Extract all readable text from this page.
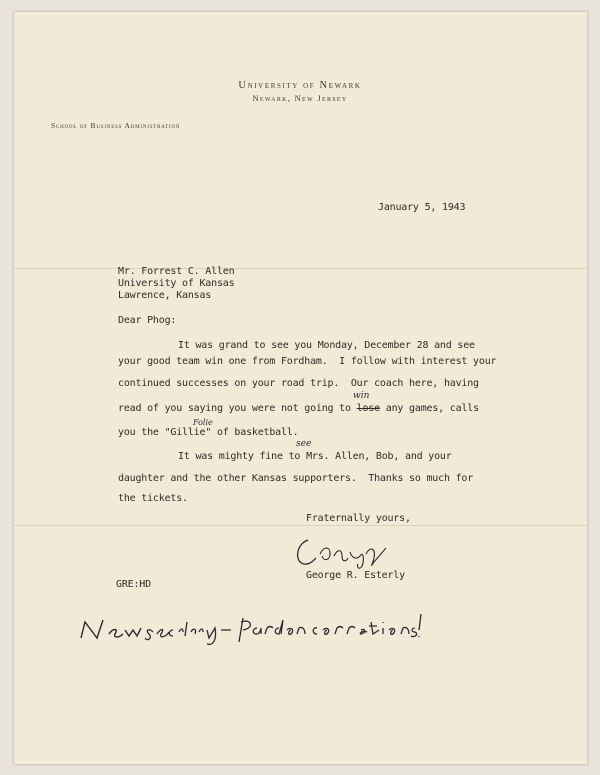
University of Newark
Newark, New Jersey
School of Business Administration
January 5, 1943
Mr. Forrest C. Allen
University of Kansas
Lawrence, Kansas
Dear Phog:
It was grand to see you Monday, December 28 and see
your good team win one from Fordham.  I follow with interest your
continued successes on your road trip.  Our coach here, having
read of you saying you were not going to lose any games, calls
win
you the "Gillie" of basketball.
Folie
It was mighty fine to Mrs. Allen, Bob, and your
see
daughter and the other Kansas supporters.  Thanks so much for
the tickets.
Fraternally yours,
George R. Esterly
GRE:HD
